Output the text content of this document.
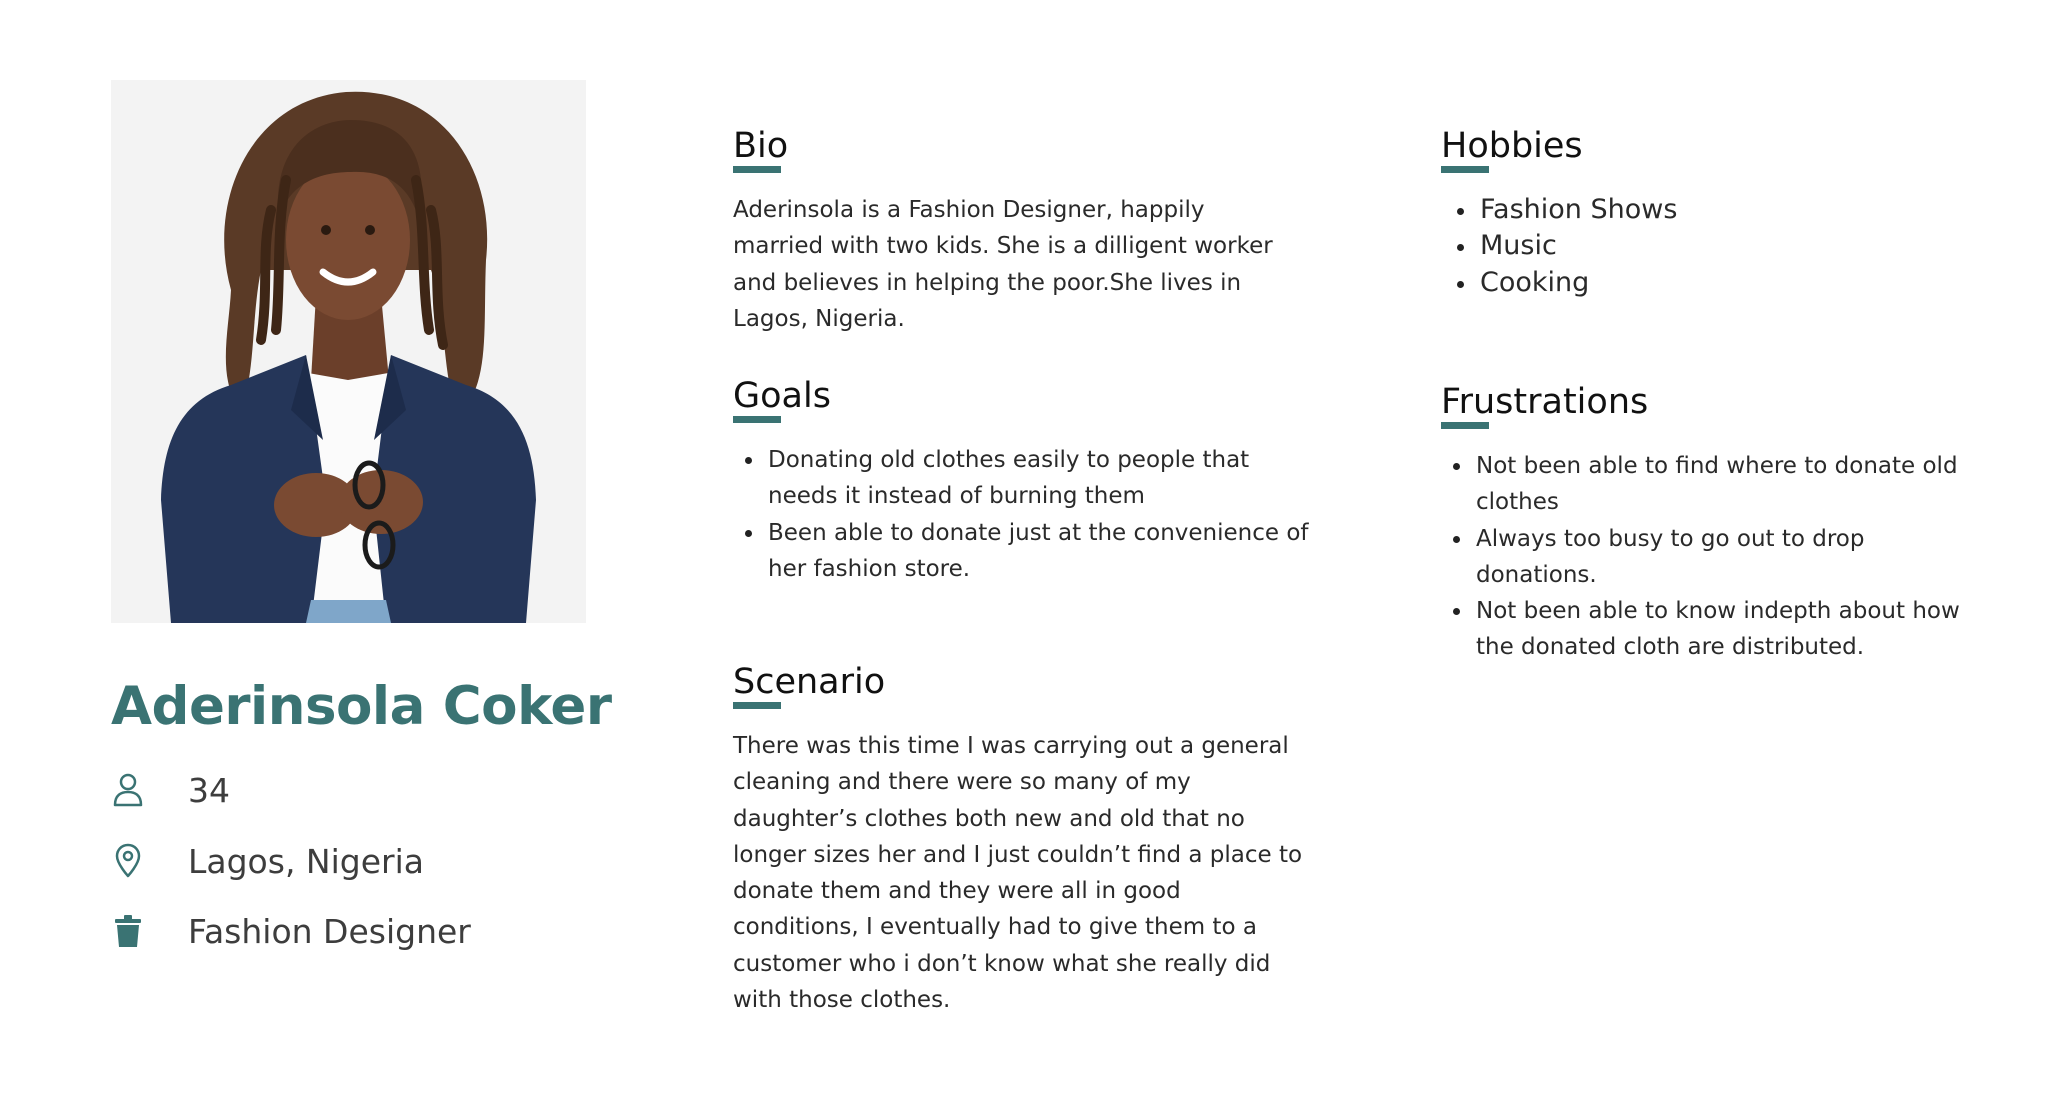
Aderinsola Coker
34
Lagos, Nigeria
Fashion Designer
Bio
Aderinsola is a Fashion Designer, happily married with two kids. She is a dilligent worker and believes in helping the poor.She lives in Lagos, Nigeria.
Goals
Donating old clothes easily to people that needs it instead of burning them
Been able to donate just at the convenience of her fashion store.
Scenario
There was this time I was carrying out a general cleaning and there were so many of my daughter’s clothes both new and old that no longer sizes her and I just couldn’t find a place to donate them and they were all in good conditions, I eventually had to give them to a customer who i don’t know what she really did with those clothes.
Hobbies
Fashion Shows
Music
Cooking
Frustrations
Not been able to find where to donate old clothes
Always too busy to go out to drop donations.
Not been able to know indepth about how the donated cloth are distributed.
